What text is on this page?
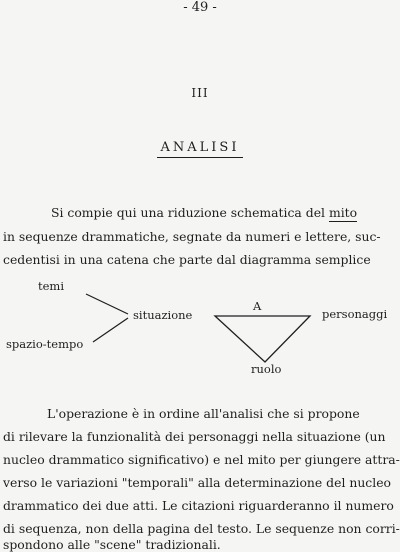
- 49 -
III
ANALISI
Si compie qui una riduzione schematica del mito
in sequenze drammatiche, segnate da numeri e lettere, suc-
cedentisi in una catena che parte dal diagramma semplice
temi
spazio-tempo
situazione
A
personaggi
ruolo
L'operazione è in ordine all'analisi che si propone
di rilevare la funzionalità dei personaggi nella situazione (un
nucleo drammatico significativo) e nel mito per giungere attra-
verso le variazioni "temporali" alla determinazione del nucleo
drammatico dei due atti. Le citazioni riguarderanno il numero
di sequenza, non della pagina del testo. Le sequenze non corri-
spondono alle "scene" tradizionali.
